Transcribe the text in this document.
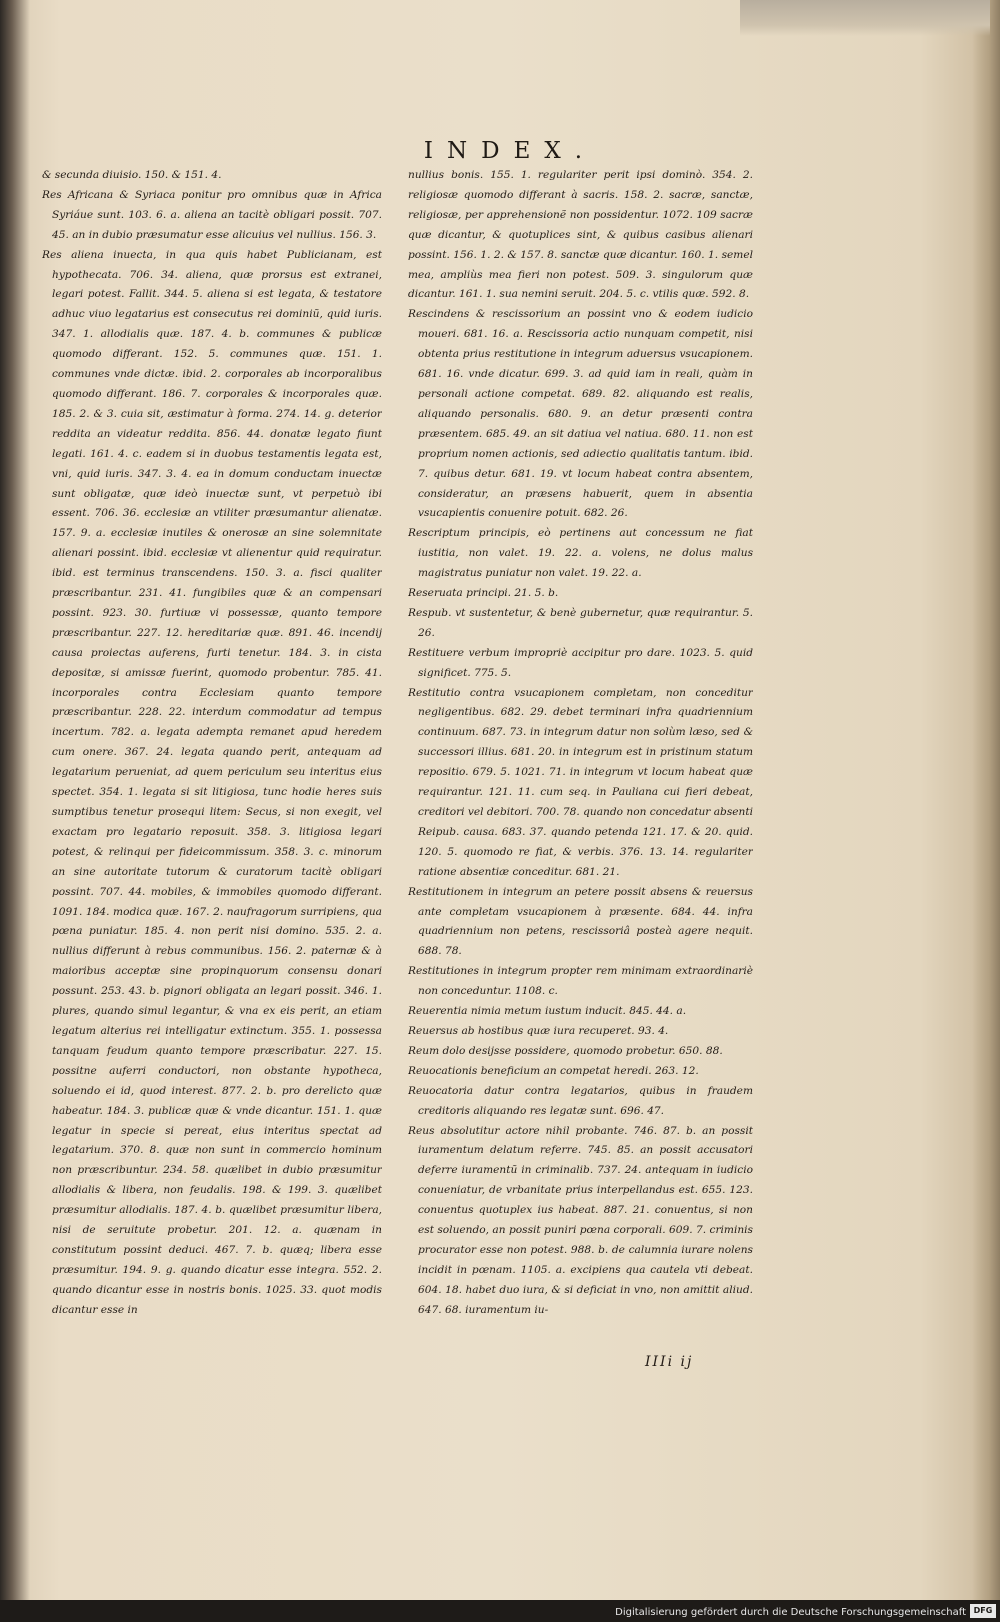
INDEX.

& secunda diuisio. 150. & 151. 4.

Res Africana & Syriaca ponitur pro omnibus quæ in Africa Syriáue sunt. 103. 6. a. aliena an tacitè obligari possit. 707. 45. an in dubio præsumatur esse alicuius vel nullius. 156. 3.

Res aliena inuecta, in qua quis habet Publicianam, est hypothecata. 706. 34. aliena, quæ prorsus est extranei, legari potest. Fallit. 344. 5. aliena si est legata, & testatore adhuc viuo legatarius est consecutus rei dominiũ, quid iuris. 347. 1. allodialis quæ. 187. 4. b. communes & publicæ quomodo differant. 152. 5. communes quæ. 151. 1. communes vnde dictæ. ibid. 2. corporales ab incorporalibus quomodo differant. 186. 7. corporales & incorporales quæ. 185. 2. & 3. cuia sit, æstimatur à forma. 274. 14. g. deterior reddita an videatur reddita. 856. 44. donatæ legato fiunt legati. 161. 4. c. eadem si in duobus testamentis legata est, vni, quid iuris. 347. 3. 4. ea in domum conductam inuectæ sunt obligatæ, quæ ideò inuectæ sunt, vt perpetuò ibi essent. 706. 36. ecclesiæ an vtiliter præsumantur alienatæ. 157. 9. a. ecclesiæ inutiles & onerosæ an sine solemnitate alienari possint. ibid. ecclesiæ vt alienentur quid requiratur. ibid. est terminus transcendens. 150. 3. a. fisci qualiter præscribantur. 231. 41. fungibiles quæ & an compensari possint. 923. 30. furtiuæ vi possessæ, quanto tempore præscribantur. 227. 12. hereditariæ quæ. 891. 46. incendij causa proiectas auferens, furti tenetur. 184. 3. in cista depositæ, si amissæ fuerint, quomodo probentur. 785. 41. incorporales contra Ecclesiam quanto tempore præscribantur. 228. 22. interdum commodatur ad tempus incertum. 782. a. legata adempta remanet apud heredem cum onere. 367. 24. legata quando perit, antequam ad legatarium perueniat, ad quem periculum seu interitus eius spectet. 354. 1. legata si sit litigiosa, tunc hodie heres suis sumptibus tenetur prosequi litem: Secus, si non exegit, vel exactam pro legatario reposuit. 358. 3. litigiosa legari potest, & relinqui per fideicommissum. 358. 3. c. minorum an sine autoritate tutorum & curatorum tacitè obligari possint. 707. 44. mobiles, & immobiles quomodo differant. 1091. 184. modica quæ. 167. 2. naufragorum surripiens, qua pœna puniatur. 185. 4. non perit nisi domino. 535. 2. a. nullius differunt à rebus communibus. 156. 2. paternæ & à maioribus acceptæ sine propinquorum consensu donari possunt. 253. 43. b. pignori obligata an legari possit. 346. 1. plures, quando simul legantur, & vna ex eis perit, an etiam legatum alterius rei intelligatur extinctum. 355. 1. possessa tanquam feudum quanto tempore præscribatur. 227. 15. possitne auferri conductori, non obstante hypotheca, soluendo ei id, quod interest. 877. 2. b. pro derelicto quæ habeatur. 184. 3. publicæ quæ & vnde dicantur. 151. 1. quæ legatur in specie si pereat, eius interitus spectat ad legatarium. 370. 8. quæ non sunt in commercio hominum non præscribuntur. 234. 58. quælibet in dubio præsumitur allodialis & libera, non feudalis. 198. & 199. 3. quælibet præsumitur allodialis. 187. 4. b. quælibet præsumitur libera, nisi de seruitute probetur. 201. 12. a. quænam in constitutum possint deduci. 467. 7. b. quæq; libera esse præsumitur. 194. 9. g. quando dicatur esse integra. 552. 2. quando dicantur esse in nostris bonis. 1025. 33. quot modis dicantur esse in

nullius bonis. 155. 1. regulariter perit ipsi dominò. 354. 2. religiosæ quomodo differant à sacris. 158. 2. sacræ, sanctæ, religiosæ, per apprehensionẽ non possidentur. 1072. 109 sacræ quæ dicantur, & quotuplices sint, & quibus casibus alienari possint. 156. 1. 2. & 157. 8. sanctæ quæ dicantur. 160. 1. semel mea, ampliùs mea fieri non potest. 509. 3. singulorum quæ dicantur. 161. 1. sua nemini seruit. 204. 5. c. vtilis quæ. 592. 8.

Rescindens & rescissorium an possint vno & eodem iudicio moueri. 681. 16. a. Rescissoria actio nunquam competit, nisi obtenta prius restitutione in integrum aduersus vsucapionem. 681. 16. vnde dicatur. 699. 3. ad quid iam in reali, quàm in personali actione competat. 689. 82. aliquando est realis, aliquando personalis. 680. 9. an detur præsenti contra præsentem. 685. 49. an sit datiua vel natiua. 680. 11. non est proprium nomen actionis, sed adiectio qualitatis tantum. ibid. 7. quibus detur. 681. 19. vt locum habeat contra absentem, consideratur, an præsens habuerit, quem in absentia vsucapientis conuenire potuit. 682. 26.

Rescriptum principis, eò pertinens aut concessum ne fiat iustitia, non valet. 19. 22. a. volens, ne dolus malus magistratus puniatur non valet. 19. 22. a.

Reseruata principi. 21. 5. b.

Respub. vt sustentetur, & benè gubernetur, quæ requirantur. 5. 26.

Restituere verbum impropriè accipitur pro dare. 1023. 5. quid significet. 775. 5.

Restitutio contra vsucapionem completam, non conceditur negligentibus. 682. 29. debet terminari infra quadriennium continuum. 687. 73. in integrum datur non solùm læso, sed & successori illius. 681. 20. in integrum est in pristinum statum repositio. 679. 5. 1021. 71. in integrum vt locum habeat quæ requirantur. 121. 11. cum seq. in Pauliana cui fieri debeat, creditori vel debitori. 700. 78. quando non concedatur absenti Reipub. causa. 683. 37. quando petenda 121. 17. & 20. quid. 120. 5. quomodo re fiat, & verbis. 376. 13. 14. regulariter ratione absentiæ conceditur. 681. 21.

Restitutionem in integrum an petere possit absens & reuersus ante completam vsucapionem à præsente. 684. 44. infra quadriennium non petens, rescissoriâ posteà agere nequit. 688. 78.

Restitutiones in integrum propter rem minimam extraordinariè non conceduntur. 1108. c.

Reuerentia nimia metum iustum inducit. 845. 44. a.

Reuersus ab hostibus quæ iura recuperet. 93. 4.

Reum dolo desijsse possidere, quomodo probetur. 650. 88.

Reuocationis beneficium an competat heredi. 263. 12.

Reuocatoria datur contra legatarios, quibus in fraudem creditoris aliquando res legatæ sunt. 696. 47.

Reus absolutitur actore nihil probante. 746. 87. b. an possit iuramentum delatum referre. 745. 85. an possit accusatori deferre iuramentũ in criminalib. 737. 24. antequam in iudicio conueniatur, de vrbanitate prius interpellandus est. 655. 123. conuentus quotuplex ius habeat. 887. 21. conuentus, si non est soluendo, an possit puniri pœna corporali. 609. 7. criminis procurator esse non potest. 988. b. de calumnia iurare nolens incidit in pœnam. 1105. a. excipiens qua cautela vti debeat. 604. 18. habet duo iura, & si deficiat in vno, non amittit aliud. 647. 68. iuramentum iu-

IIIi ij
Digitalisierung gefördert durch die Deutsche Forschungsgemeinschaft DFG
